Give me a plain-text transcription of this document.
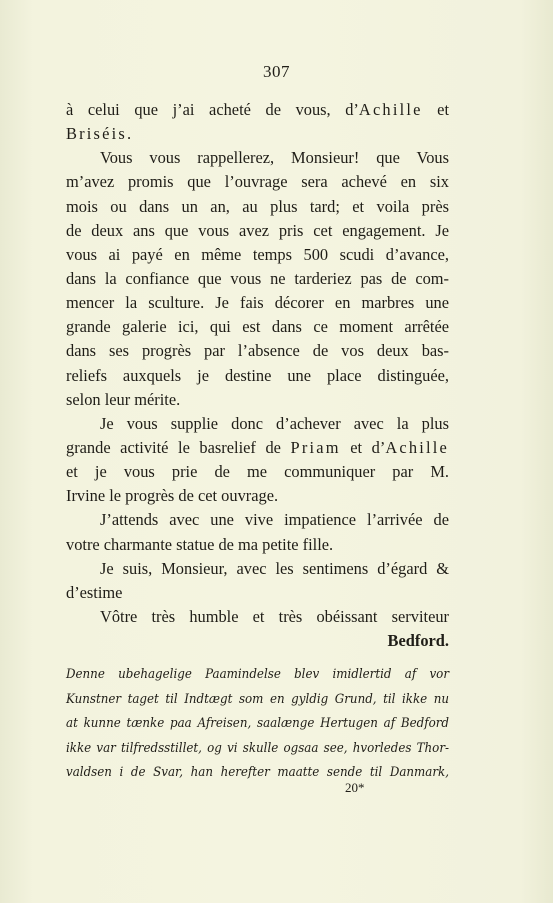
307
à celui que j’ai acheté de vous, d’Achille et
Briséis.
Vous vous rappellerez, Monsieur! que Vous
m’avez promis que l’ouvrage sera achevé en six
mois ou dans un an, au plus tard; et voila près
de deux ans que vous avez pris cet engagement. Je
vous ai payé en même temps 500 scudi d’avance,
dans la confiance que vous ne tarderiez pas de com-
mencer la sculture. Je fais décorer en marbres une
grande galerie ici, qui est dans ce moment arrêtée
dans ses progrès par l’absence de vos deux bas-
reliefs auxquels je destine une place distinguée,
selon leur mérite.
Je vous supplie donc d’achever avec la plus
grande activité le basrelief de Priam et d’Achille
et je vous prie de me communiquer par M.
Irvine le progrès de cet ouvrage.
J’attends avec une vive impatience l’arrivée de
votre charmante statue de ma petite fille.
Je suis, Monsieur, avec les sentimens d’égard &
d’estime
Vôtre très humble et très obéissant serviteur
Bedford.
Denne ubehagelige Paamindelse blev imidlertid af vor
Kunstner taget til Indtægt som en gyldig Grund, til ikke nu
at kunne tænke paa Afreisen, saalænge Hertugen af Bedford
ikke var tilfredsstillet, og vi skulle ogsaa see, hvorledes Thor-
valdsen i de Svar, han herefter maatte sende til Danmark,
20*
